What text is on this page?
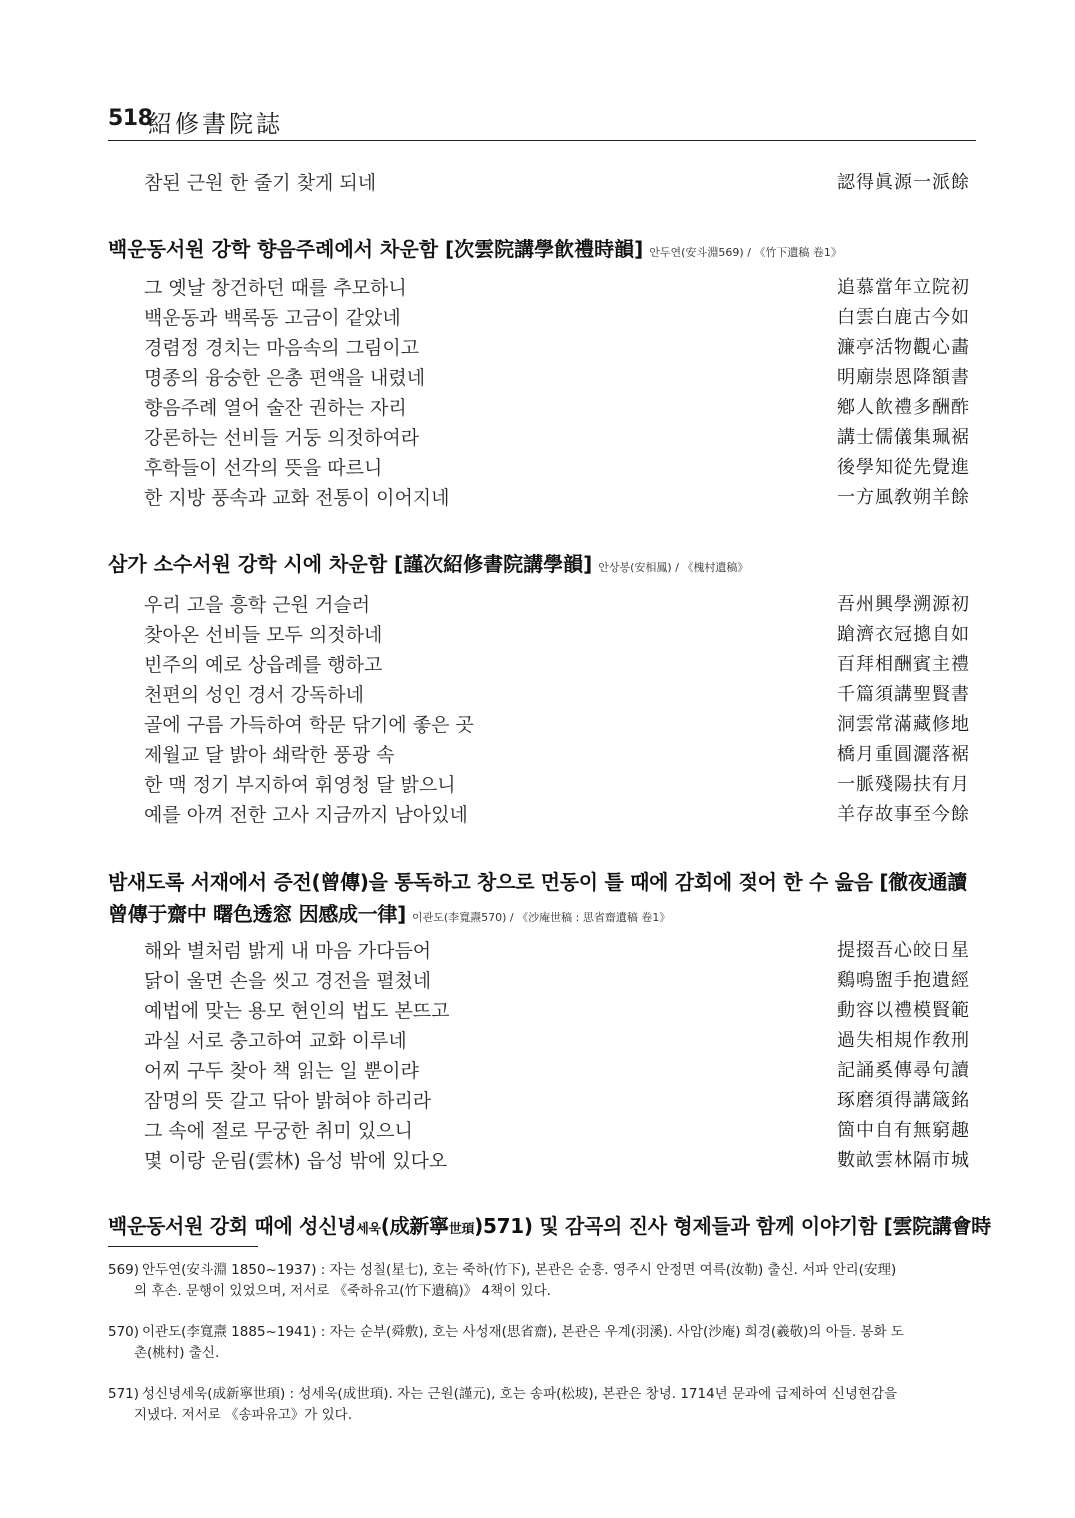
518
紹修書院誌
참된 근원 한 줄기 찾게 되네	認得眞源一派餘
백운동서원 강학 향음주례에서 차운함 [次雲院講學飮禮時韻] 안두연(安斗淵569) / 《竹下遺稿 卷1》
그 옛날 창건하던 때를 추모하니	追慕當年立院初
백운동과 백록동 고금이 같았네	白雲白鹿古今如
경렴정 경치는 마음속의 그림이고	濂亭活物觀心畵
명종의 융숭한 은총 편액을 내렸네	明廟崇恩降額書
향음주례 열어 술잔 권하는 자리	鄕人飮禮多酬酢
강론하는 선비들 거둥 의젓하여라	講士儒儀集珮裾
후학들이 선각의 뜻을 따르니	後學知從先覺進
한 지방 풍속과 교화 전통이 이어지네	一方風敎朔羊餘
삼가 소수서원 강학 시에 차운함 [謹次紹修書院講學韻] 안상봉(安相鳳) / 《槐村遺稿》
우리 고을 흥학 근원 거슬러	吾州興學溯源初
찾아온 선비들 모두 의젓하네	蹌濟衣冠摠自如
빈주의 예로 상읍례를 행하고	百拜相酬賓主禮
천편의 성인 경서 강독하네	千篇須講聖賢書
골에 구름 가득하여 학문 닦기에 좋은 곳	洞雲常滿藏修地
제월교 달 밝아 쇄락한 풍광 속	橋月重圓灑落裾
한 맥 정기 부지하여 휘영청 달 밝으니	一脈殘陽扶有月
예를 아껴 전한 고사 지금까지 남아있네	羊存故事至今餘
밤새도록 서재에서 증전(曾傳)을 통독하고 창으로 먼동이 틀 때에 감회에 젖어 한 수 읊음 [徹夜通讀
曾傳于齋中 曙色透窓 因感成一律] 이관도(李寬燾570) / 《沙庵世稿 : 思省齋遺稿 卷1》
해와 별처럼 밝게 내 마음 가다듬어	提掇吾心皎日星
닭이 울면 손을 씻고 경전을 펼쳤네	鷄鳴盥手抱遺經
예법에 맞는 용모 현인의 법도 본뜨고	動容以禮模賢範
과실 서로 충고하여 교화 이루네	過失相規作敎刑
어찌 구두 찾아 책 읽는 일 뿐이랴	記誦奚傳尋句讀
잠명의 뜻 갈고 닦아 밝혀야 하리라	琢磨須得講箴銘
그 속에 절로 무궁한 취미 있으니	箇中自有無窮趣
몇 이랑 운림(雲林) 읍성 밖에 있다오	數畝雲林隔市城
백운동서원 강회 때에 성신녕세욱(成新寧世頊)571) 및 감곡의 진사 형제들과 함께 이야기함 [雲院講會時
569) 안두연(安斗淵 1850~1937) : 자는 성칠(星七), 호는 죽하(竹下), 본관은 순흥. 영주시 안정면 여륵(汝勒) 출신. 서파 안리(安理)
의 후손. 문행이 있었으며, 저서로 《죽하유고(竹下遺稿)》 4책이 있다.
570) 이관도(李寬燾 1885~1941) : 자는 순부(舜敷), 호는 사성재(思省齋), 본관은 우계(羽溪). 사암(沙庵) 희경(羲敬)의 아들. 봉화 도
촌(桃村) 출신.
571) 성신녕세욱(成新寧世頊) : 성세욱(成世頊). 자는 근원(謹元), 호는 송파(松坡), 본관은 창녕. 1714년 문과에 급제하여 신녕현감을
지냈다. 저서로 《송파유고》가 있다.
